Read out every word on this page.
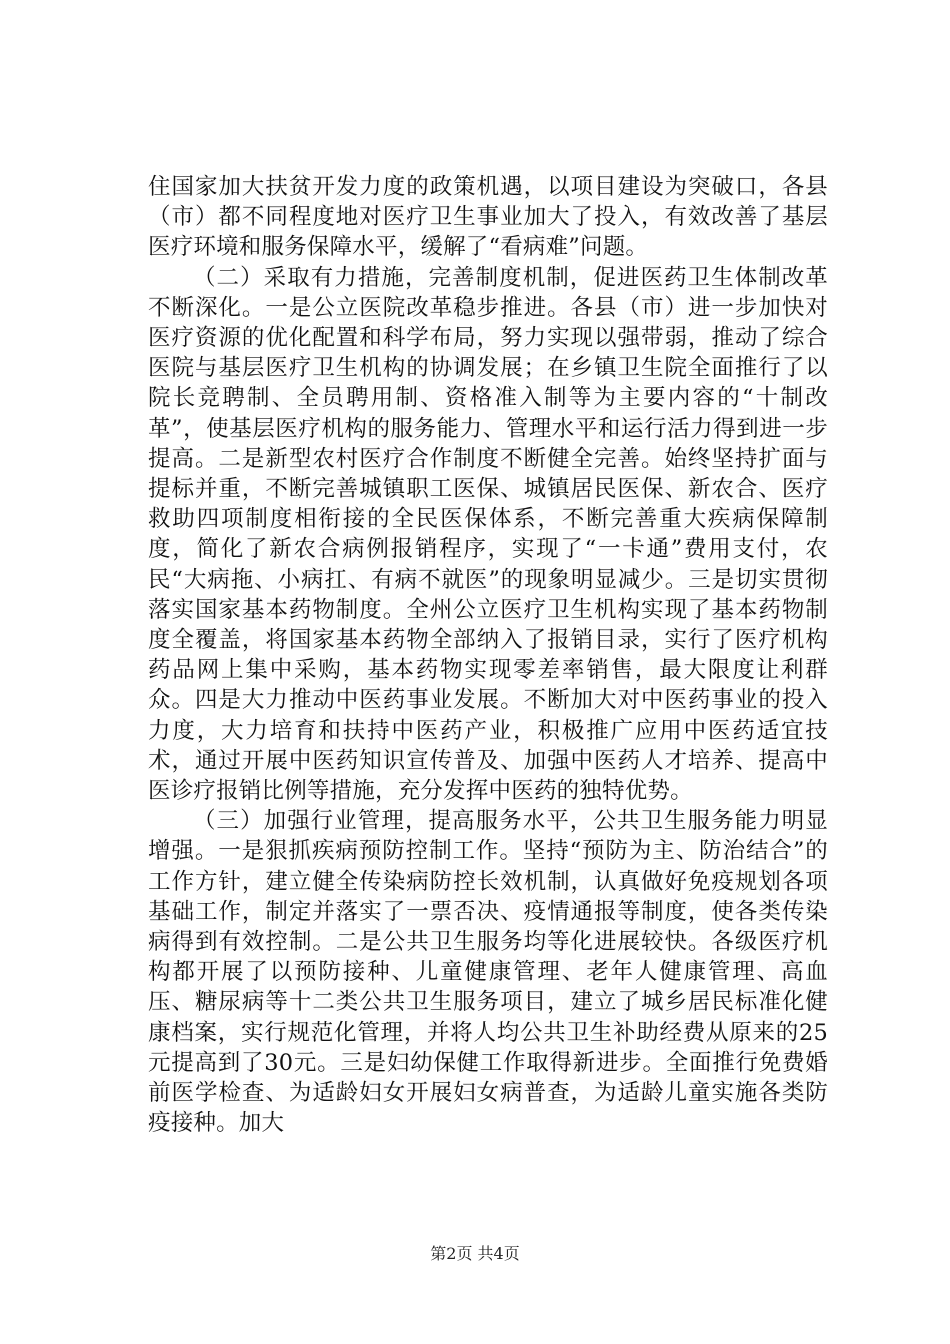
住国家加大扶贫开发力度的政策机遇，以项目建设为突破口，各县（市）都不同程度地对医疗卫生事业加大了投入，有效改善了基层医疗环境和服务保障水平，缓解了“看病难”问题。

（二）采取有力措施，完善制度机制，促进医药卫生体制改革不断深化。一是公立医院改革稳步推进。各县（市）进一步加快对医疗资源的优化配置和科学布局，努力实现以强带弱，推动了综合医院与基层医疗卫生机构的协调发展；在乡镇卫生院全面推行了以院长竞聘制、全员聘用制、资格准入制等为主要内容的“十制改革”，使基层医疗机构的服务能力、管理水平和运行活力得到进一步提高。二是新型农村医疗合作制度不断健全完善。始终坚持扩面与提标并重，不断完善城镇职工医保、城镇居民医保、新农合、医疗救助四项制度相衔接的全民医保体系，不断完善重大疾病保障制度，简化了新农合病例报销程序，实现了“一卡通”费用支付，农民“大病拖、小病扛、有病不就医”的现象明显减少。三是切实贯彻落实国家基本药物制度。全州公立医疗卫生机构实现了基本药物制度全覆盖，将国家基本药物全部纳入了报销目录，实行了医疗机构药品网上集中采购，基本药物实现零差率销售，最大限度让利群众。四是大力推动中医药事业发展。不断加大对中医药事业的投入力度，大力培育和扶持中医药产业，积极推广应用中医药适宜技术，通过开展中医药知识宣传普及、加强中医药人才培养、提高中医诊疗报销比例等措施，充分发挥中医药的独特优势。

（三）加强行业管理，提高服务水平，公共卫生服务能力明显增强。一是狠抓疾病预防控制工作。坚持“预防为主、防治结合”的工作方针，建立健全传染病防控长效机制，认真做好免疫规划各项基础工作，制定并落实了一票否决、疫情通报等制度，使各类传染病得到有效控制。二是公共卫生服务均等化进展较快。各级医疗机构都开展了以预防接种、儿童健康管理、老年人健康管理、高血压、糖尿病等十二类公共卫生服务项目，建立了城乡居民标准化健康档案，实行规范化管理，并将人均公共卫生补助经费从原来的25元提高到了30元。三是妇幼保健工作取得新进步。全面推行免费婚前医学检查、为适龄妇女开展妇女病普查，为适龄儿童实施各类防疫接种。加大

第2页 共4页
